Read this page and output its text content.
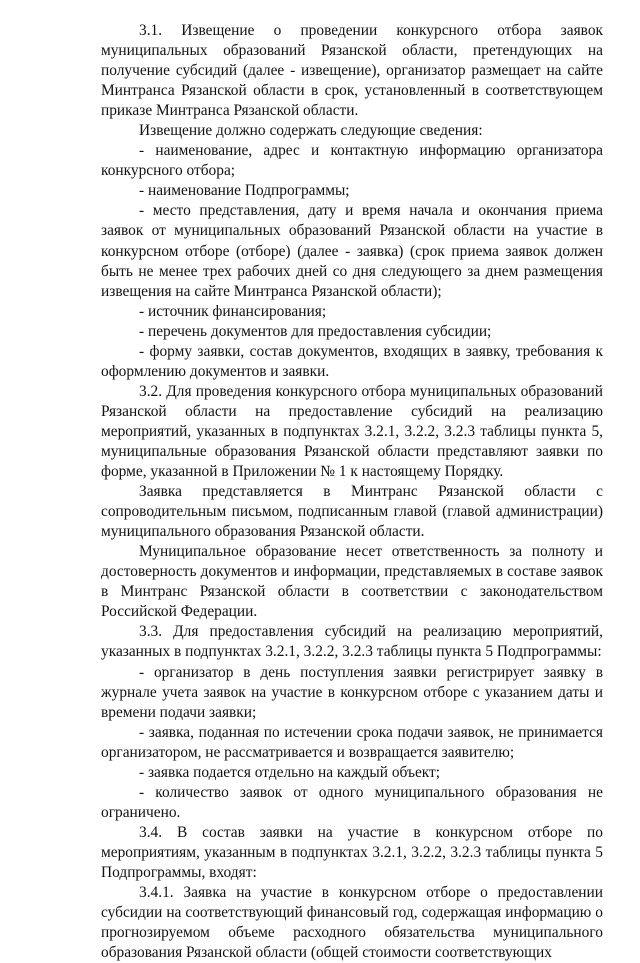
3.1. Извещение о проведении конкурсного отбора заявок муниципальных образований Рязанской области, претендующих на получение субсидий (далее - извещение), организатор размещает на сайте Минтранса Рязанской области в срок, установленный в соответствующем приказе Минтранса Рязанской области.

Извещение должно содержать следующие сведения:

- наименование, адрес и контактную информацию организатора конкурсного отбора;

- наименование Подпрограммы;

- место представления, дату и время начала и окончания приема заявок от муниципальных образований Рязанской области на участие в конкурсном отборе (отборе) (далее - заявка) (срок приема заявок должен быть не менее трех рабочих дней со дня следующего за днем размещения извещения на сайте Минтранса Рязанской области);

- источник финансирования;

- перечень документов для предоставления субсидии;

- форму заявки, состав документов, входящих в заявку, требования к оформлению документов и заявки.

3.2. Для проведения конкурсного отбора муниципальных образований Рязанской области на предоставление субсидий на реализацию мероприятий, указанных в подпунктах 3.2.1, 3.2.2, 3.2.3 таблицы пункта 5, муниципальные образования Рязанской области представляют заявки по форме, указанной в Приложении № 1 к настоящему Порядку.

Заявка представляется в Минтранс Рязанской области с сопроводительным письмом, подписанным главой (главой администрации) муниципального образования Рязанской области.

Муниципальное образование несет ответственность за полноту и достоверность документов и информации, представляемых в составе заявок в Минтранс Рязанской области в соответствии с законодательством Российской Федерации.

3.3. Для предоставления субсидий на реализацию мероприятий, указанных в подпунктах 3.2.1, 3.2.2, 3.2.3 таблицы пункта 5 Подпрограммы:

- организатор в день поступления заявки регистрирует заявку в журнале учета заявок на участие в конкурсном отборе с указанием даты и времени подачи заявки;

- заявка, поданная по истечении срока подачи заявок, не принимается организатором, не рассматривается и возвращается заявителю;

- заявка подается отдельно на каждый объект;

- количество заявок от одного муниципального образования не ограничено.

3.4. В состав заявки на участие в конкурсном отборе по мероприятиям, указанным в подпунктах 3.2.1, 3.2.2, 3.2.3 таблицы пункта 5 Подпрограммы, входят:

3.4.1. Заявка на участие в конкурсном отборе о предоставлении субсидии на соответствующий финансовый год, содержащая информацию о прогнозируемом объеме расходного обязательства муниципального образования Рязанской области (общей стоимости соответствующих
